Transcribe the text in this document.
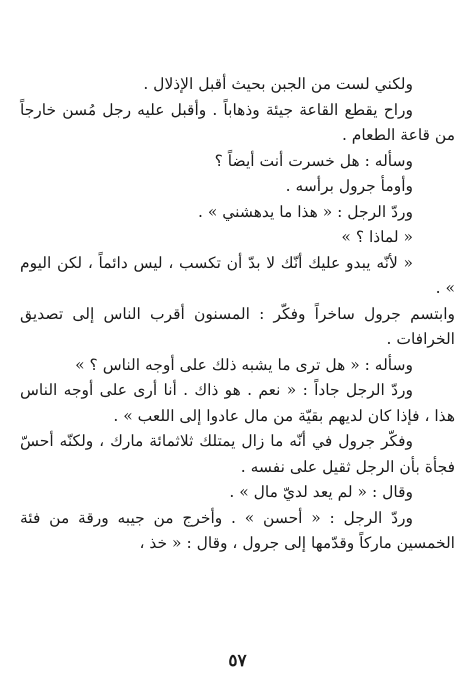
ولكني لست من الجبن بحيث أقبل الإذلال .

وراح يقطع القاعة جيئة وذهاباً . وأقبل عليه رجل مُسن خارجاً من قاعة الطعام .

وسأله : هل خسرت أنت أيضاً ؟

وأومأ جرول برأسه .

وردّ الرجل : « هذا ما يدهشني » .

« لماذا ؟ »

« لأنّه يبدو عليك أنّك لا بدّ أن تكسب ، ليس دائماً ، لكن اليوم » .

وابتسم جرول ساخراً وفكّر : المسنون أقرب الناس إلى تصديق الخرافات .

وسأله : « هل ترى ما يشبه ذلك على أوجه الناس ؟ »

وردّ الرجل جاداً : « نعم . هو ذاك . أنا أرى على أوجه الناس هذا ، فإذا كان لديهم بقيّة من مال عادوا إلى اللعب » .

وفكّر جرول في أنّه ما زال يمتلك ثلاثمائة مارك ، ولكنّه أحسّ فجأة بأن الرجل ثقيل على نفسه .

وقال : « لم يعد لديّ مال » .

وردّ الرجل : « أحسن » . وأخرج من جيبه ورقة من فئة الخمسين ماركاً وقدّمها إلى جرول ، وقال : « خذ ،

٥٧
